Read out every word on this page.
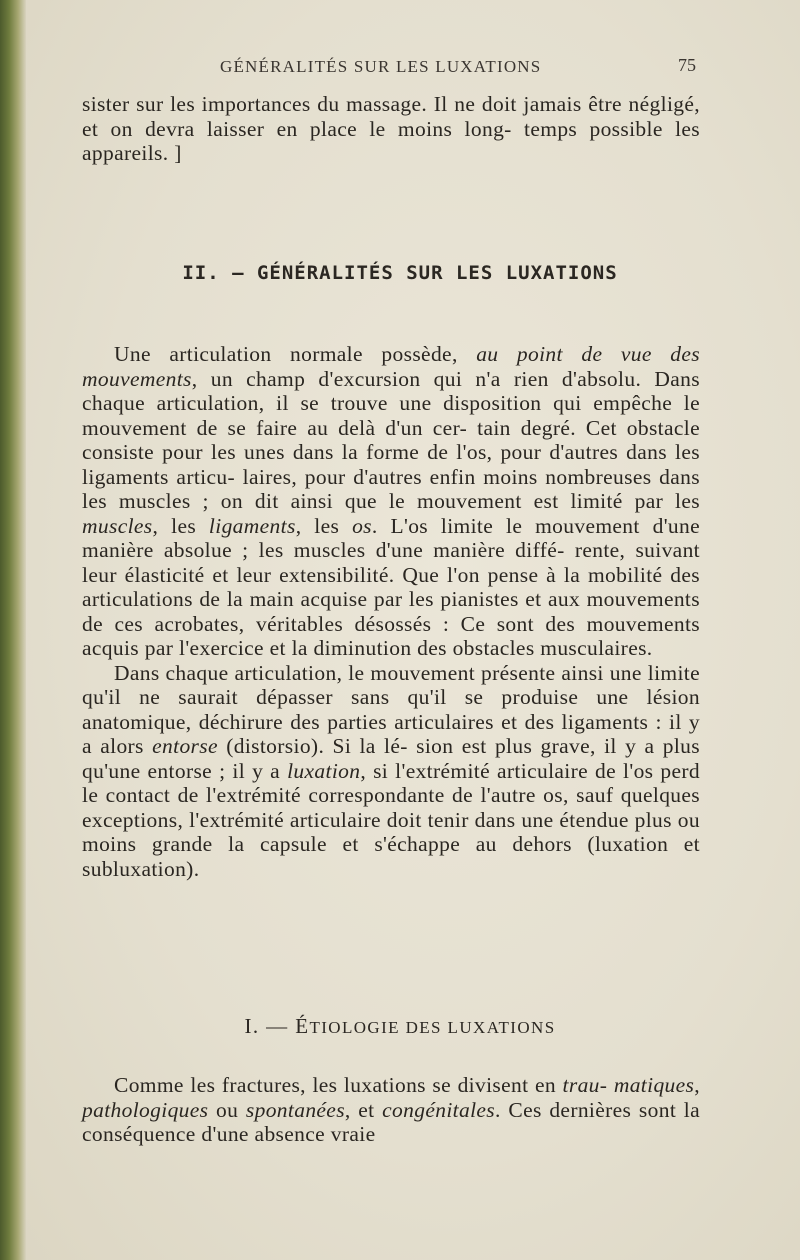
GÉNÉRALITÉS SUR LES LUXATIONS	75

sister sur les importances du massage. Il ne doit jamais être négligé, et on devra laisser en place le moins long- temps possible les appareils. ]

II. — GÉNÉRALITÉS SUR LES LUXATIONS

Une articulation normale possède, au point de vue des mouvements, un champ d'excursion qui n'a rien d'absolu. Dans chaque articulation, il se trouve une disposition qui empêche le mouvement de se faire au delà d'un cer- tain degré. Cet obstacle consiste pour les unes dans la forme de l'os, pour d'autres dans les ligaments articu- laires, pour d'autres enfin moins nombreuses dans les muscles ; on dit ainsi que le mouvement est limité par les muscles, les ligaments, les os. L'os limite le mouvement d'une manière absolue ; les muscles d'une manière diffé- rente, suivant leur élasticité et leur extensibilité. Que l'on pense à la mobilité des articulations de la main acquise par les pianistes et aux mouvements de ces acrobates, véritables désossés : Ce sont des mouvements acquis par l'exercice et la diminution des obstacles musculaires.

Dans chaque articulation, le mouvement présente ainsi une limite qu'il ne saurait dépasser sans qu'il se produise une lésion anatomique, déchirure des parties articulaires et des ligaments : il y a alors entorse (distorsio). Si la lé- sion est plus grave, il y a plus qu'une entorse ; il y a luxation, si l'extrémité articulaire de l'os perd le contact de l'extrémité correspondante de l'autre os, sauf quelques exceptions, l'extrémité articulaire doit tenir dans une étendue plus ou moins grande la capsule et s'échappe au dehors (luxation et subluxation).

I. — ÉTIOLOGIE DES LUXATIONS

Comme les fractures, les luxations se divisent en trau- matiques, pathologiques ou spontanées, et congénitales. Ces dernières sont la conséquence d'une absence vraie
